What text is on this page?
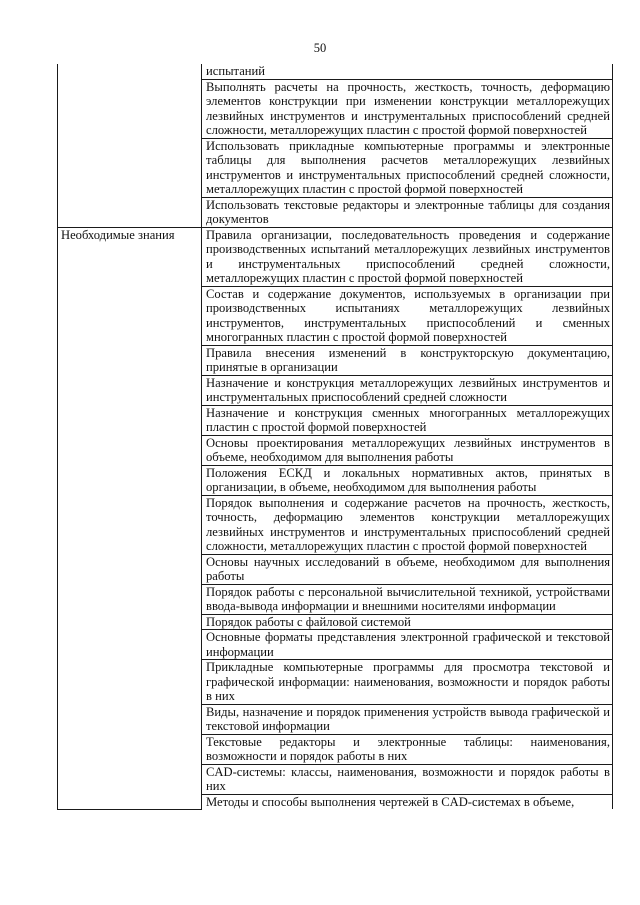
50
	испытаний
	Выполнять расчеты на прочность, жесткость, точность, деформацию элементов конструкции при изменении конструкции металлорежущих лезвийных инструментов и инструментальных приспособлений средней сложности, металлорежущих пластин с простой формой поверхностей
	Использовать прикладные компьютерные программы и электронные таблицы для выполнения расчетов металлорежущих лезвийных инструментов и инструментальных приспособлений средней сложности, металлорежущих пластин с простой формой поверхностей
	Использовать текстовые редакторы и электронные таблицы для создания документов
Необходимые знания	Правила организации, последовательность проведения и содержание производственных испытаний металлорежущих лезвийных инструментов и инструментальных приспособлений средней сложности, металлорежущих пластин с простой формой поверхностей
	Состав и содержание документов, используемых в организации при производственных испытаниях металлорежущих лезвийных инструментов, инструментальных приспособлений и сменных многогранных пластин с простой формой поверхностей
	Правила внесения изменений в конструкторскую документацию, принятые в организации
	Назначение и конструкция металлорежущих лезвийных инструментов и инструментальных приспособлений средней сложности
	Назначение и конструкция сменных многогранных металлорежущих пластин с простой формой поверхностей
	Основы проектирования металлорежущих лезвийных инструментов в объеме, необходимом для выполнения работы
	Положения ЕСКД и локальных нормативных актов, принятых в организации, в объеме, необходимом для выполнения работы
	Порядок выполнения и содержание расчетов на прочность, жесткость, точность, деформацию элементов конструкции металлорежущих лезвийных инструментов и инструментальных приспособлений средней сложности, металлорежущих пластин с простой формой поверхностей
	Основы научных исследований в объеме, необходимом для выполнения работы
	Порядок работы с персональной вычислительной техникой, устройствами ввода-вывода информации и внешними носителями информации
	Порядок работы с файловой системой
	Основные форматы представления электронной графической и текстовой информации
	Прикладные компьютерные программы для просмотра текстовой и графической информации: наименования, возможности и порядок работы в них
	Виды, назначение и порядок применения устройств вывода графической и текстовой информации
	Текстовые редакторы и электронные таблицы: наименования, возможности и порядок работы в них
	CAD-системы: классы, наименования, возможности и порядок работы в них
	Методы и способы выполнения чертежей в CAD-системах в объеме,
